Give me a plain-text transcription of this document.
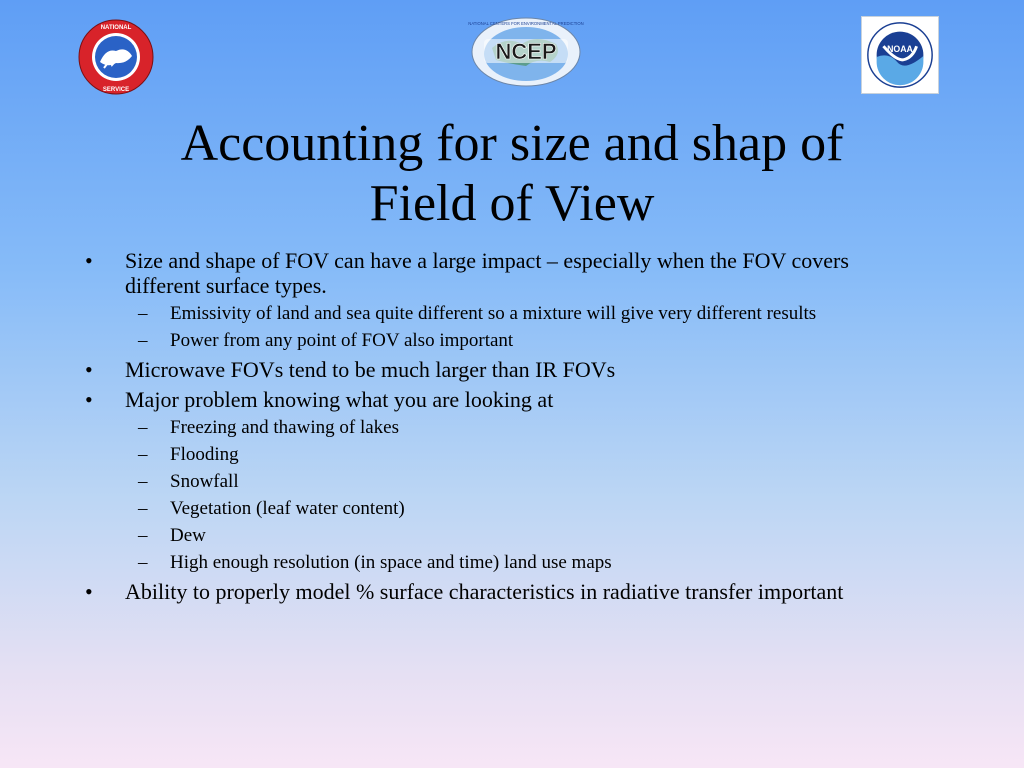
NATIONAL
SERVICE
NCEP
NATIONAL CENTERS FOR ENVIRONMENTAL PREDICTION
NOAA
Accounting for size and shap of
Field of View
• Size and shape of FOV can have a large impact – especially when the FOV covers different surface types.
– Emissivity of land and sea quite different so a mixture will give very different results
– Power from any point of FOV also important
• Microwave FOVs tend to be much larger than IR FOVs
• Major problem knowing what you are looking at
– Freezing and thawing of lakes
– Flooding
– Snowfall
– Vegetation (leaf water content)
– Dew
– High enough resolution (in space and time) land use maps
• Ability to properly model % surface characteristics in radiative transfer important
